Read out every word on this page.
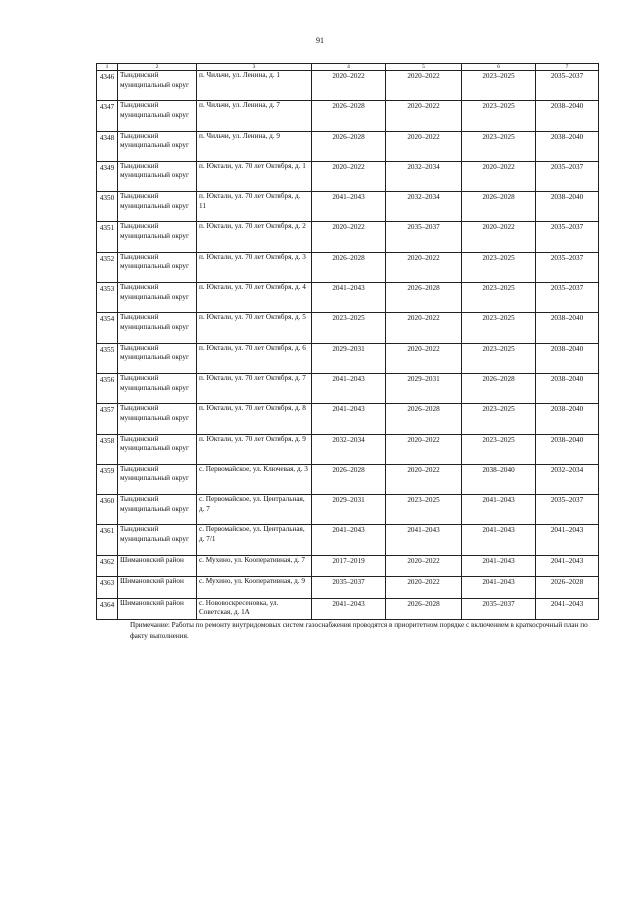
91
1	2	3	4	5	6	7
4346	Тындинский муниципальный округ	п. Чильчи, ул. Ленина, д. 1	2020–2022	2020–2022	2023–2025	2035–2037
4347	Тындинский муниципальный округ	п. Чильчи, ул. Ленина, д. 7	2026–2028	2020–2022	2023–2025	2038–2040
4348	Тындинский муниципальный округ	п. Чильчи, ул. Ленина, д. 9	2026–2028	2020–2022	2023–2025	2038–2040
4349	Тындинский муниципальный округ	п. Юктали, ул. 70 лет Октября, д. 1	2020–2022	2032–2034	2020–2022	2035–2037
4350	Тындинский муниципальный округ	п. Юктали, ул. 70 лет Октября, д. 11	2041–2043	2032–2034	2026–2028	2038–2040
4351	Тындинский муниципальный округ	п. Юктали, ул. 70 лет Октября, д. 2	2020–2022	2035–2037	2020–2022	2035–2037
4352	Тындинский муниципальный округ	п. Юктали, ул. 70 лет Октября, д. 3	2026–2028	2020–2022	2023–2025	2035–2037
4353	Тындинский муниципальный округ	п. Юктали, ул. 70 лет Октября, д. 4	2041–2043	2026–2028	2023–2025	2035–2037
4354	Тындинский муниципальный округ	п. Юктали, ул. 70 лет Октября, д. 5	2023–2025	2020–2022	2023–2025	2038–2040
4355	Тындинский муниципальный округ	п. Юктали, ул. 70 лет Октября, д. 6	2029–2031	2020–2022	2023–2025	2038–2040
4356	Тындинский муниципальный округ	п. Юктали, ул. 70 лет Октября, д. 7	2041–2043	2029–2031	2026–2028	2038–2040
4357	Тындинский муниципальный округ	п. Юктали, ул. 70 лет Октября, д. 8	2041–2043	2026–2028	2023–2025	2038–2040
4358	Тындинский муниципальный округ	п. Юктали, ул. 70 лет Октября, д. 9	2032–2034	2020–2022	2023–2025	2038–2040
4359	Тындинский муниципальный округ	с. Первомайское, ул. Ключевая, д. 3	2026–2028	2020–2022	2038–2040	2032–2034
4360	Тындинский муниципальный округ	с. Первомайское, ул. Центральная, д. 7	2029–2031	2023–2025	2041–2043	2035–2037
4361	Тындинский муниципальный округ	с. Первомайское, ул. Центральная, д. 7/1	2041–2043	2041–2043	2041–2043	2041–2043
4362	Шимановский район	с. Мухино, ул. Кооперативная, д. 7	2017–2019	2020–2022	2041–2043	2041–2043
4363	Шимановский район	с. Мухино, ул. Кооперативная, д. 9	2035–2037	2020–2022	2041–2043	2026–2028
4364	Шимановский район	с. Нововоскресеновка, ул. Советская, д. 1А	2041–2043	2026–2028	2035–2037	2041–2043
Примечание: Работы по ремонту внутридомовых систем газоснабжения проводятся в приоритетном порядке с включением в краткосрочный план по факту выполнения.
